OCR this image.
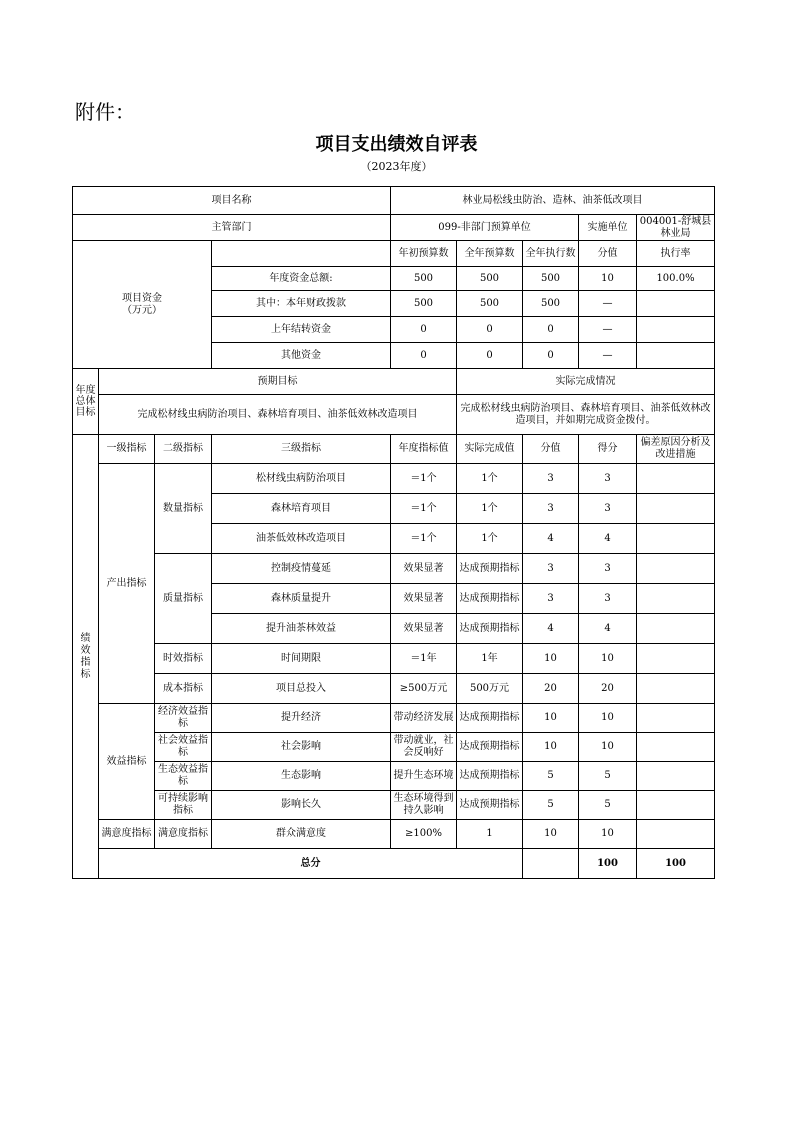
附件：
项目支出绩效自评表
（2023年度）
项目名称				林业局松线虫防治、造林、油茶低改项目					
主管部门				099-非部门预算单位			实施单位	004001-舒城县林业局	
项目资金
（万元）				年初预算数	全年预算数	全年执行数	分值	执行率	
			年度资金总额:	500	500	500	10	100.0%	
			其中：本年财政拨款	500	500	500	—		
			上年结转资金	0	0	0	—		
			其他资金	0	0	0	—		
年度
总体
目标	预期目标				实际完成情况				
	完成松材线虫病防治项目、森林培育项目、油茶低效林改造项目				完成松材线虫病防治项目、森林培育项目、油茶低效林改造项目，并如期完成资金拨付。				
绩
效
指
标	一级指标	二级指标	三级指标	年度指标值	实际完成值	分值	得分	偏差原因分析及改进措施	
	产出指标	数量指标	松材线虫病防治项目	＝1个	1个	3	3		
			森林培育项目	＝1个	1个	3	3		
			油茶低效林改造项目	＝1个	1个	4	4		
		质量指标	控制疫情蔓延	效果显著	达成预期指标	3	3		
			森林质量提升	效果显著	达成预期指标	3	3		
			提升油茶林效益	效果显著	达成预期指标	4	4		
		时效指标	时间期限	＝1年	1年	10	10		
		成本指标	项目总投入	≥500万元	500万元	20	20		
	效益指标	经济效益指标	提升经济	带动经济发展	达成预期指标	10	10		
		社会效益指标	社会影响	带动就业，社会反响好	达成预期指标	10	10		
		生态效益指标	生态影响	提升生态环境	达成预期指标	5	5		
		可持续影响指标	影响长久	生态环境得到持久影响	达成预期指标	5	5		
	满意度指标	满意度指标	群众满意度	≥100%	1	10	10		
	总分						100	100	
